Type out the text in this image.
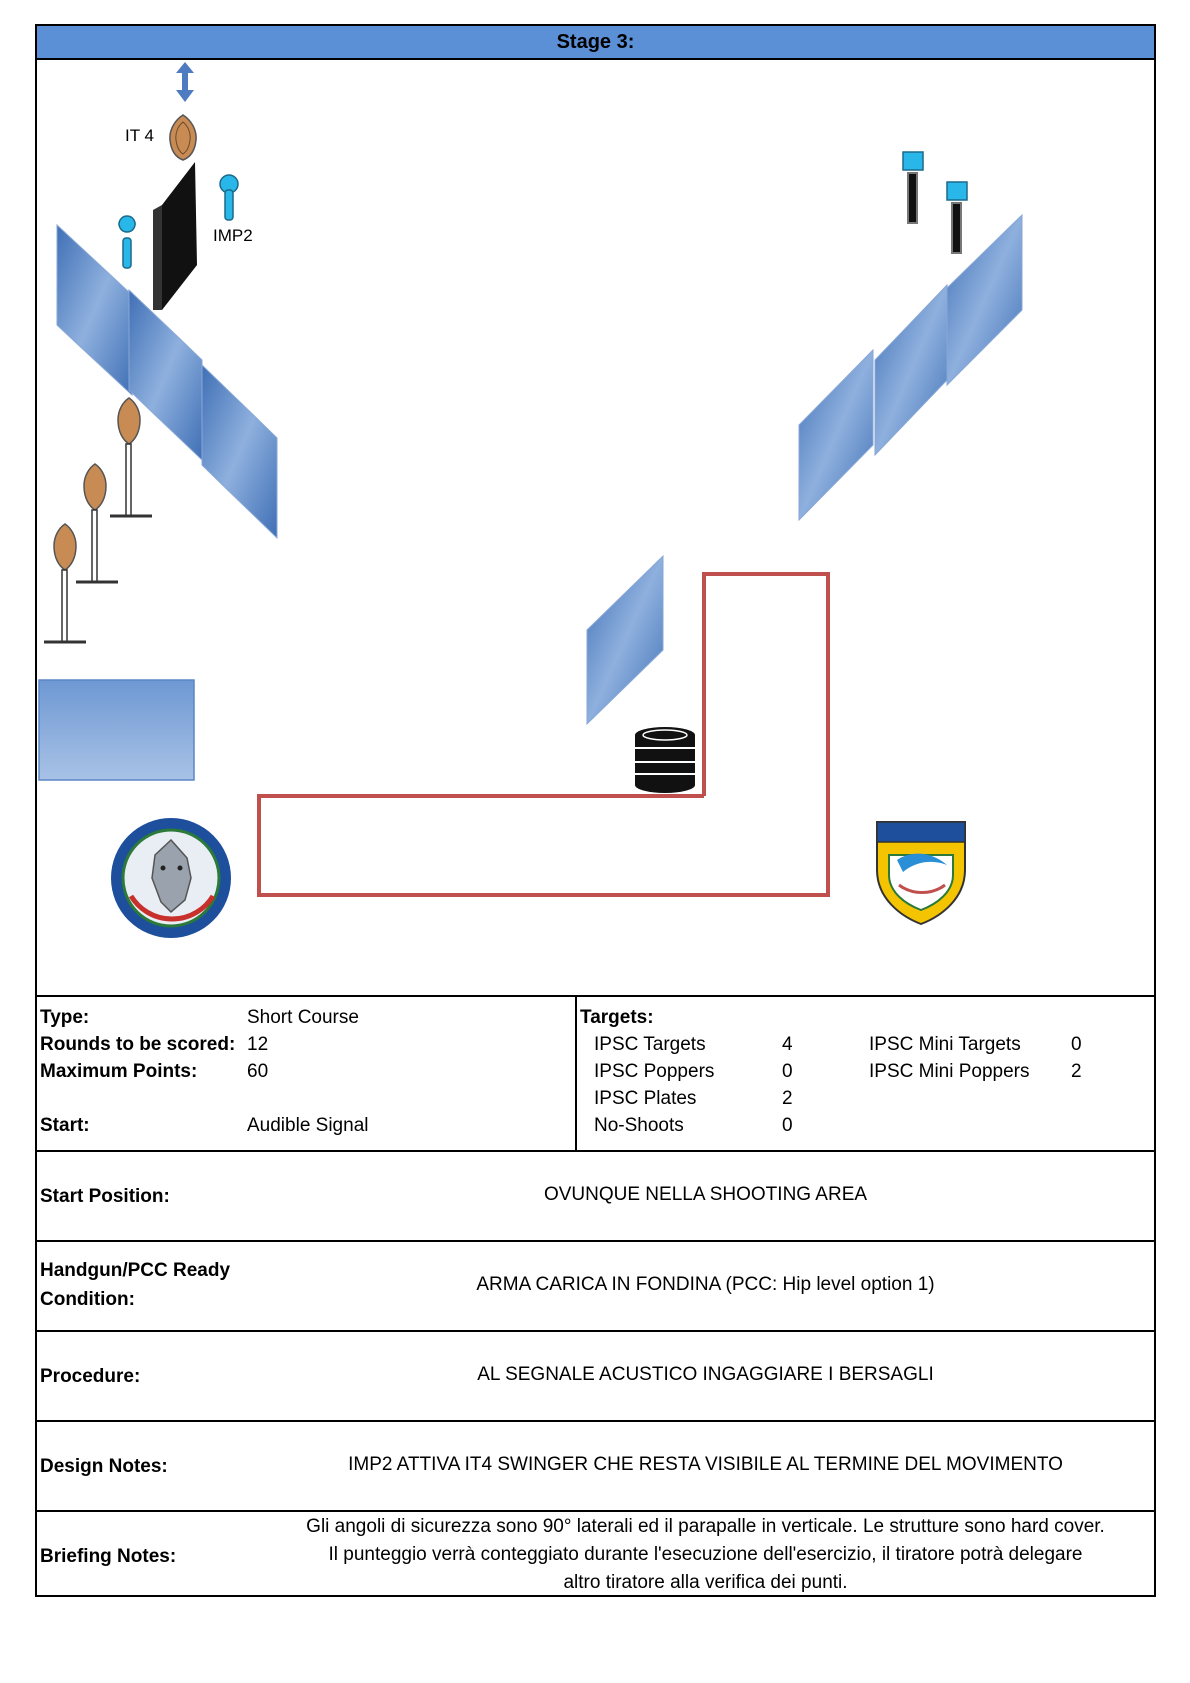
Stage 3:
IT 4
IMP2
Type:	Short Course
Rounds to be scored: 12
Maximum Points:	60
Start:	Audible Signal
Targets:
IPSC Targets	4
IPSC Poppers	0
IPSC Plates	2
No-Shoots	0
IPSC Mini Targets	0
IPSC Mini Poppers 2
Start Position:	OVUNQUE NELLA SHOOTING AREA
Handgun/PCC Ready
Condition:
ARMA CARICA IN FONDINA (PCC: Hip level option 1)
Procedure:	AL SEGNALE ACUSTICO INGAGGIARE I BERSAGLI
Design Notes:	IMP2 ATTIVA IT4 SWINGER CHE RESTA VISIBILE AL TERMINE DEL MOVIMENTO
Briefing Notes:
Gli angoli di sicurezza sono 90° laterali ed il parapalle in verticale. Le strutture sono hard cover.
Il punteggio verrà conteggiato durante l'esecuzione dell'esercizio, il tiratore potrà delegare
altro tiratore alla verifica dei punti.
